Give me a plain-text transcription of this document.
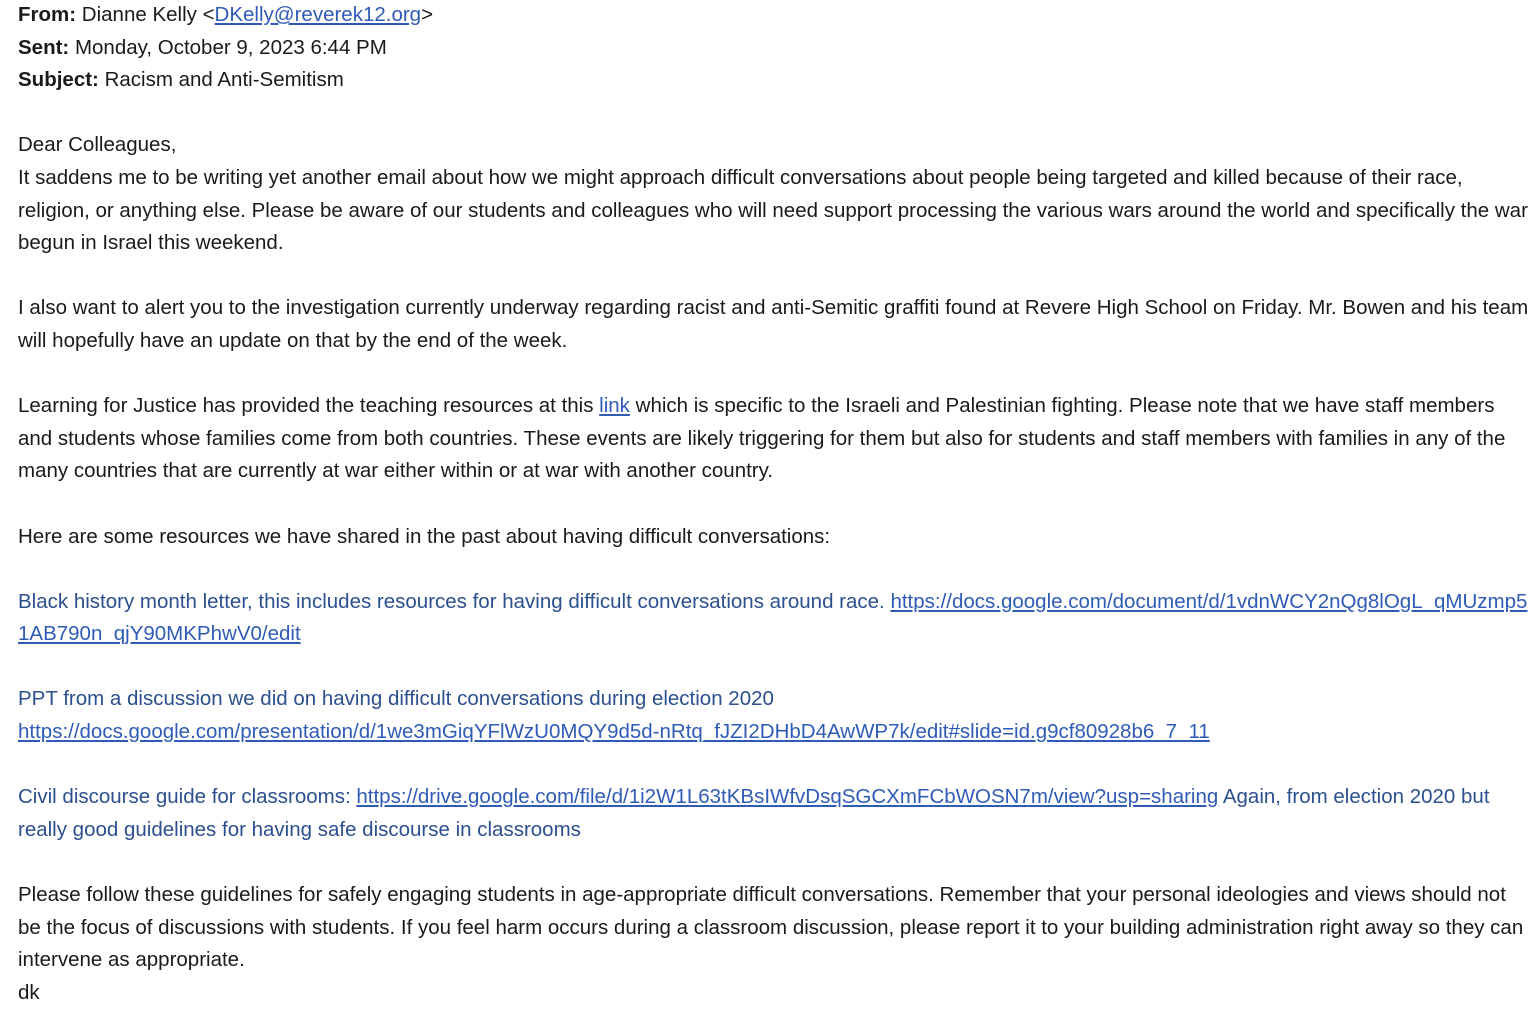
From: Dianne Kelly <DKelly@reverek12.org>
Sent: Monday, October 9, 2023 6:44 PM
Subject: Racism and Anti-Semitism
Dear Colleagues,
It saddens me to be writing yet another email about how we might approach difficult conversations about people being targeted and killed because of their race, religion, or anything else. Please be aware of our students and colleagues who will need support processing the various wars around the world and specifically the war begun in Israel this weekend.
I also want to alert you to the investigation currently underway regarding racist and anti-Semitic graffiti found at Revere High School on Friday. Mr. Bowen and his team will hopefully have an update on that by the end of the week.
Learning for Justice has provided the teaching resources at this link which is specific to the Israeli and Palestinian fighting. Please note that we have staff members and students whose families come from both countries. These events are likely triggering for them but also for students and staff members with families in any of the many countries that are currently at war either within or at war with another country.
Here are some resources we have shared in the past about having difficult conversations:
Black history month letter, this includes resources for having difficult conversations around race. https://docs.google.com/document/d/1vdnWCY2nQg8lOgL_qMUzmp51AB790n_qjY90MKPhwV0/edit
PPT from a discussion we did on having difficult conversations during election 2020
https://docs.google.com/presentation/d/1we3mGiqYFlWzU0MQY9d5d-nRtq_fJZI2DHbD4AwWP7k/edit#slide=id.g9cf80928b6_7_11
Civil discourse guide for classrooms: https://drive.google.com/file/d/1i2W1L63tKBsIWfvDsqSGCXmFCbWOSN7m/view?usp=sharing Again, from election 2020 but really good guidelines for having safe discourse in classrooms
Please follow these guidelines for safely engaging students in age-appropriate difficult conversations. Remember that your personal ideologies and views should not be the focus of discussions with students. If you feel harm occurs during a classroom discussion, please report it to your building administration right away so they can intervene as appropriate.
dk
